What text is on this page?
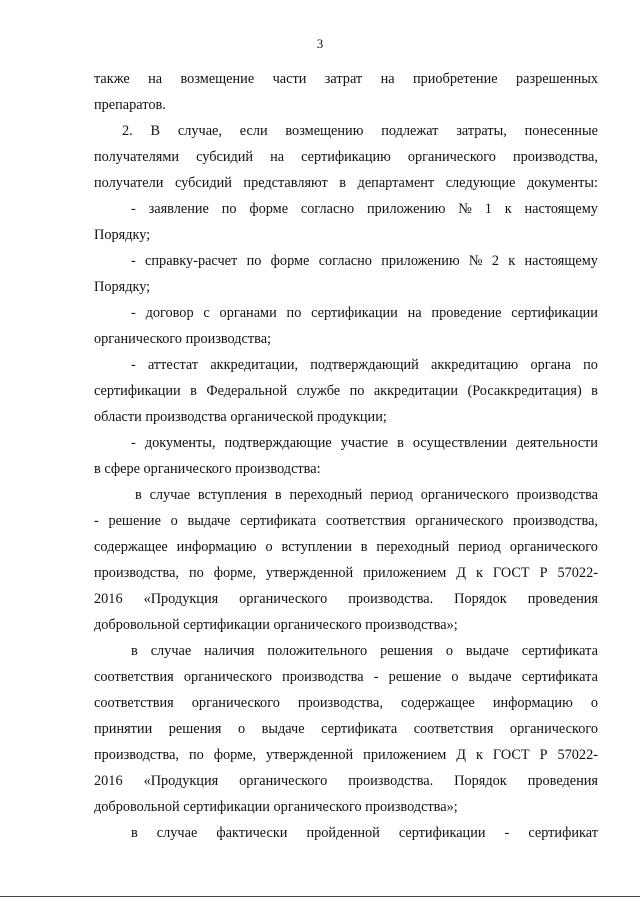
3
также на возмещение части затрат на приобретение разрешенных
препаратов.
2. В случае, если возмещению подлежат затраты, понесенные
получателями субсидий на сертификацию органического производства,
получатели субсидий представляют в департамент следующие документы:
- заявление по форме согласно приложению № 1 к настоящему
Порядку;
- справку-расчет по форме согласно приложению № 2 к настоящему
Порядку;
- договор с органами по сертификации на проведение сертификации
органического производства;
- аттестат аккредитации, подтверждающий аккредитацию органа по
сертификации в Федеральной службе по аккредитации (Росаккредитация) в
области производства органической продукции;
- документы, подтверждающие участие в осуществлении деятельности
в сфере органического производства:
в случае вступления в переходный период органического производства
- решение о выдаче сертификата соответствия органического производства,
содержащее информацию о вступлении в переходный период органического
производства, по форме, утвержденной приложением Д к ГОСТ Р 57022-
2016 «Продукция органического производства. Порядок проведения
добровольной сертификации органического производства»;
в случае наличия положительного решения о выдаче сертификата
соответствия органического производства - решение о выдаче сертификата
соответствия органического производства, содержащее информацию о
принятии решения о выдаче сертификата соответствия органического
производства, по форме, утвержденной приложением Д к ГОСТ Р 57022-
2016 «Продукция органического производства. Порядок проведения
добровольной сертификации органического производства»;
в случае фактически пройденной сертификации - сертификат
